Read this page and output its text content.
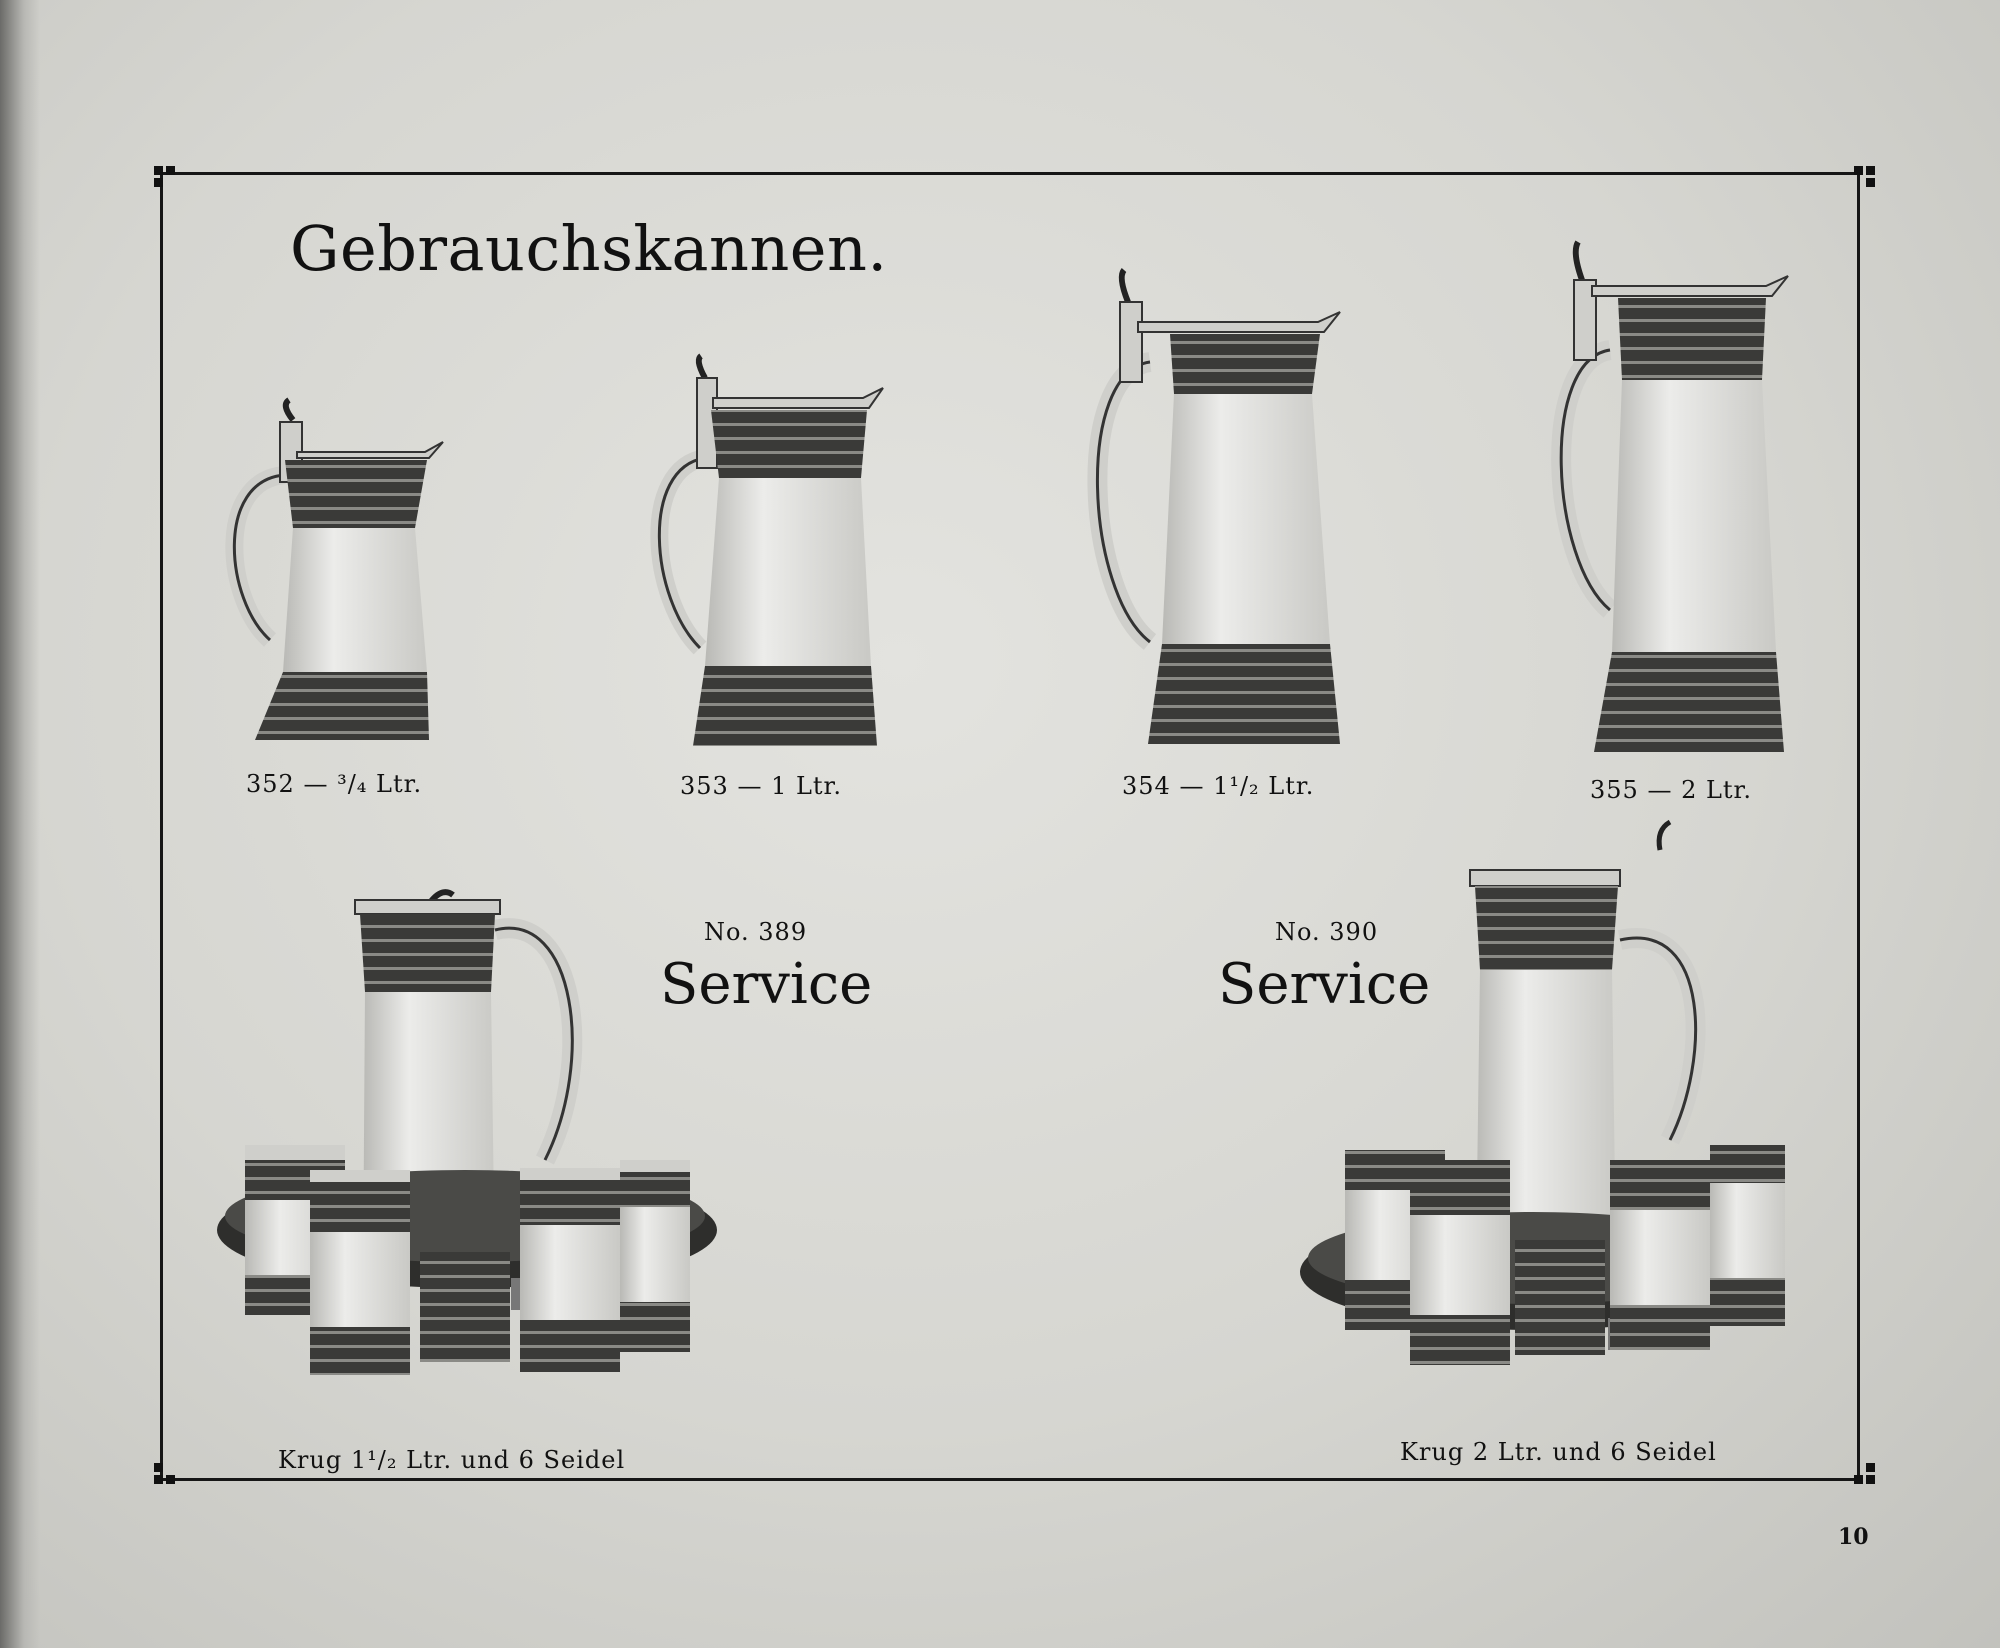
Gebrauchskannen.
352 — ³/₄ Ltr.	353 — 1 Ltr.	354 — 1¹/₂ Ltr.	355 — 2 Ltr.
No. 389
Service
Krug 1¹/₂ Ltr. und 6 Seidel
No. 390
Service
Krug 2 Ltr. und 6 Seidel
10
